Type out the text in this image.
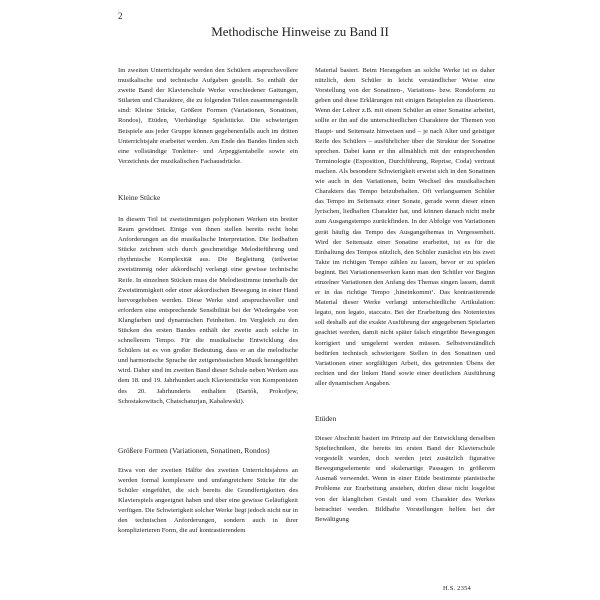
2
Methodische Hinweise zu Band II

Im zweiten Unterrichtsjahr werden den Schülern anspruchsvollere musikalische und technische Aufgaben gestellt. So enthält der zweite Band der Klavierschule Werke verschiedener Gattungen, Stilarten und Charaktere, die zu folgenden Teilen zusammengestellt sind: Kleine Stücke, Größere Formen (Variationen, Sonatinen, Rondos), Etüden, Vierhändige Spielstücke. Die schwierigen Beispiele aus jeder Gruppe können gegebenenfalls auch im dritten Unterrichtsjahr erarbeitet werden. Am Ende des Bandes finden sich eine vollständige Tonleiter- und Arpeggientabelle sowie ein Verzeichnis der musikalischen Fachausdrücke.

Kleine Stücke

In diesem Teil ist zweistimmigen polyphonen Werken ein breiter Raum gewidmet. Einige von ihnen stellen bereits recht hohe Anforderungen an die musikalische Interpretation. Die liedhaften Stücke zeichnen sich durch geschmeidige Melodieführung und rhythmische Komplexität aus. Die Begleitung (teilweise zweistimmig oder akkordisch) verlangt eine gewisse technische Reife. In einzelnen Stücken muss die Melodiestimme innerhalb der Zweistimmigkeit oder einer akkordischen Bewegung in einer Hand hervorgehoben werden. Diese Werke sind anspruchsvoller und erfordern eine entsprechende Sensibilität bei der Wiedergabe von Klangfarben und dynamischen Feinheiten. Im Vergleich zu den Stücken des ersten Bandes enthält der zweite auch solche in schnellerem Tempo. Für die musikalische Entwicklung des Schülers ist es von großer Bedeutung, dass er an die melodische und harmonische Sprache der zeitgenössischen Musik herangeführt wird. Daher sind im zweiten Band dieser Schule neben Werken aus dem 18. und 19. Jahrhundert auch Klavierstücke von Komponisten des 20. Jahrhunderts enthalten (Bartók, Prokofjew, Schostakowitsch, Chatschaturjan, Kabalewski).

Größere Formen (Variationen, Sonatinen, Rondos)

Etwa von der zweiten Hälfte des zweiten Unterrichtsjahres an werden formal komplexere und umfangreichere Stücke für die Schüler eingeführt, die sich bereits die Grundfertigkeiten des Klavierspiels angeeignet haben und über eine gewisse Geläufigkeit verfügen. Die Schwierigkeit solcher Werke liegt jedoch nicht nur in den technischen Anforderungen, sondern auch in ihrer komplizierteren Form, die auf kontrastierendem

Material basiert. Beim Herangehen an solche Werke ist es daher nützlich, dem Schüler in leicht verständlicher Weise eine Vorstellung von der Sonatinen-, Variations- bzw. Rondoform zu geben und diese Erklärungen mit einigen Beispielen zu illustrieren. Wenn der Lehrer z.B. mit einem Schüler an einer Sonatine arbeitet, sollte er ihn auf die unterschiedlichen Charaktere der Themen von Haupt- und Seitensatz hinweisen und – je nach Alter und geistiger Reife des Schülers – ausführlicher über die Struktur der Sonatine sprechen. Dabei kann er ihn allmählich mit der entsprechenden Terminologie (Exposition, Durchführung, Reprise, Coda) vertraut machen. Als besondere Schwierigkeit erweist sich in den Sonatinen wie auch in den Variationen, beim Wechsel des musikalischen Charakters das Tempo beizubehalten. Oft verlangsamen Schüler das Tempo im Seitensatz einer Sonate, gerade wenn dieser einen lyrischen, liedhaften Charakter hat, und können danach nicht mehr zum Ausgangstempo zurückfinden. In der Abfolge von Variationen gerät häufig das Tempo des Ausgangsthemas in Vergessenheit. Wird der Seitensatz einer Sonatine erarbeitet, ist es für die Einhaltung des Tempos nützlich, den Schüler zunächst ein bis zwei Takte im richtigen Tempo zählen zu lassen, bevor er zu spielen beginnt. Bei Variationenwerken kann man den Schüler vor Beginn einzelner Variationen den Anfang des Themas singen lassen, damit er in das richtige Tempo ‚hineinkommt‘. Das kontrastierende Material dieser Werke verlangt unterschiedliche Artikulation: legato, non legato, staccato. Bei der Erarbeitung des Notentextes soll deshalb auf die exakte Ausführung der angegebenen Spielarten geachtet werden, damit nicht später falsch eingeübte Bewegungen korrigiert und umgelernt werden müssen. Selbstverständlich bedürfen technisch schwierigere Stellen in den Sonatinen und Variationen einer sorgfältigen Arbeit, des getrennten Übens der rechten und der linken Hand sowie einer deutlichen Ausführung aller dynamischen Angaben.

Etüden

Dieser Abschnitt basiert im Prinzip auf der Entwicklung derselben Spieltechniken, die bereits im ersten Band der Klavierschule vorgestellt wurden, doch werden jetzt zusätzlich figurative Bewegungselemente und skalenartige Passagen in größerem Ausmaß verwendet. Wenn in einer Etüde bestimmte pianistische Probleme zur Erarbeitung anstehen, dürfen diese nicht losgelöst von der klanglichen Gestalt und vom Charakter des Werkes betrachtet werden. Bildhafte Vorstellungen helfen bei der Bewältigung

H.S. 2354
